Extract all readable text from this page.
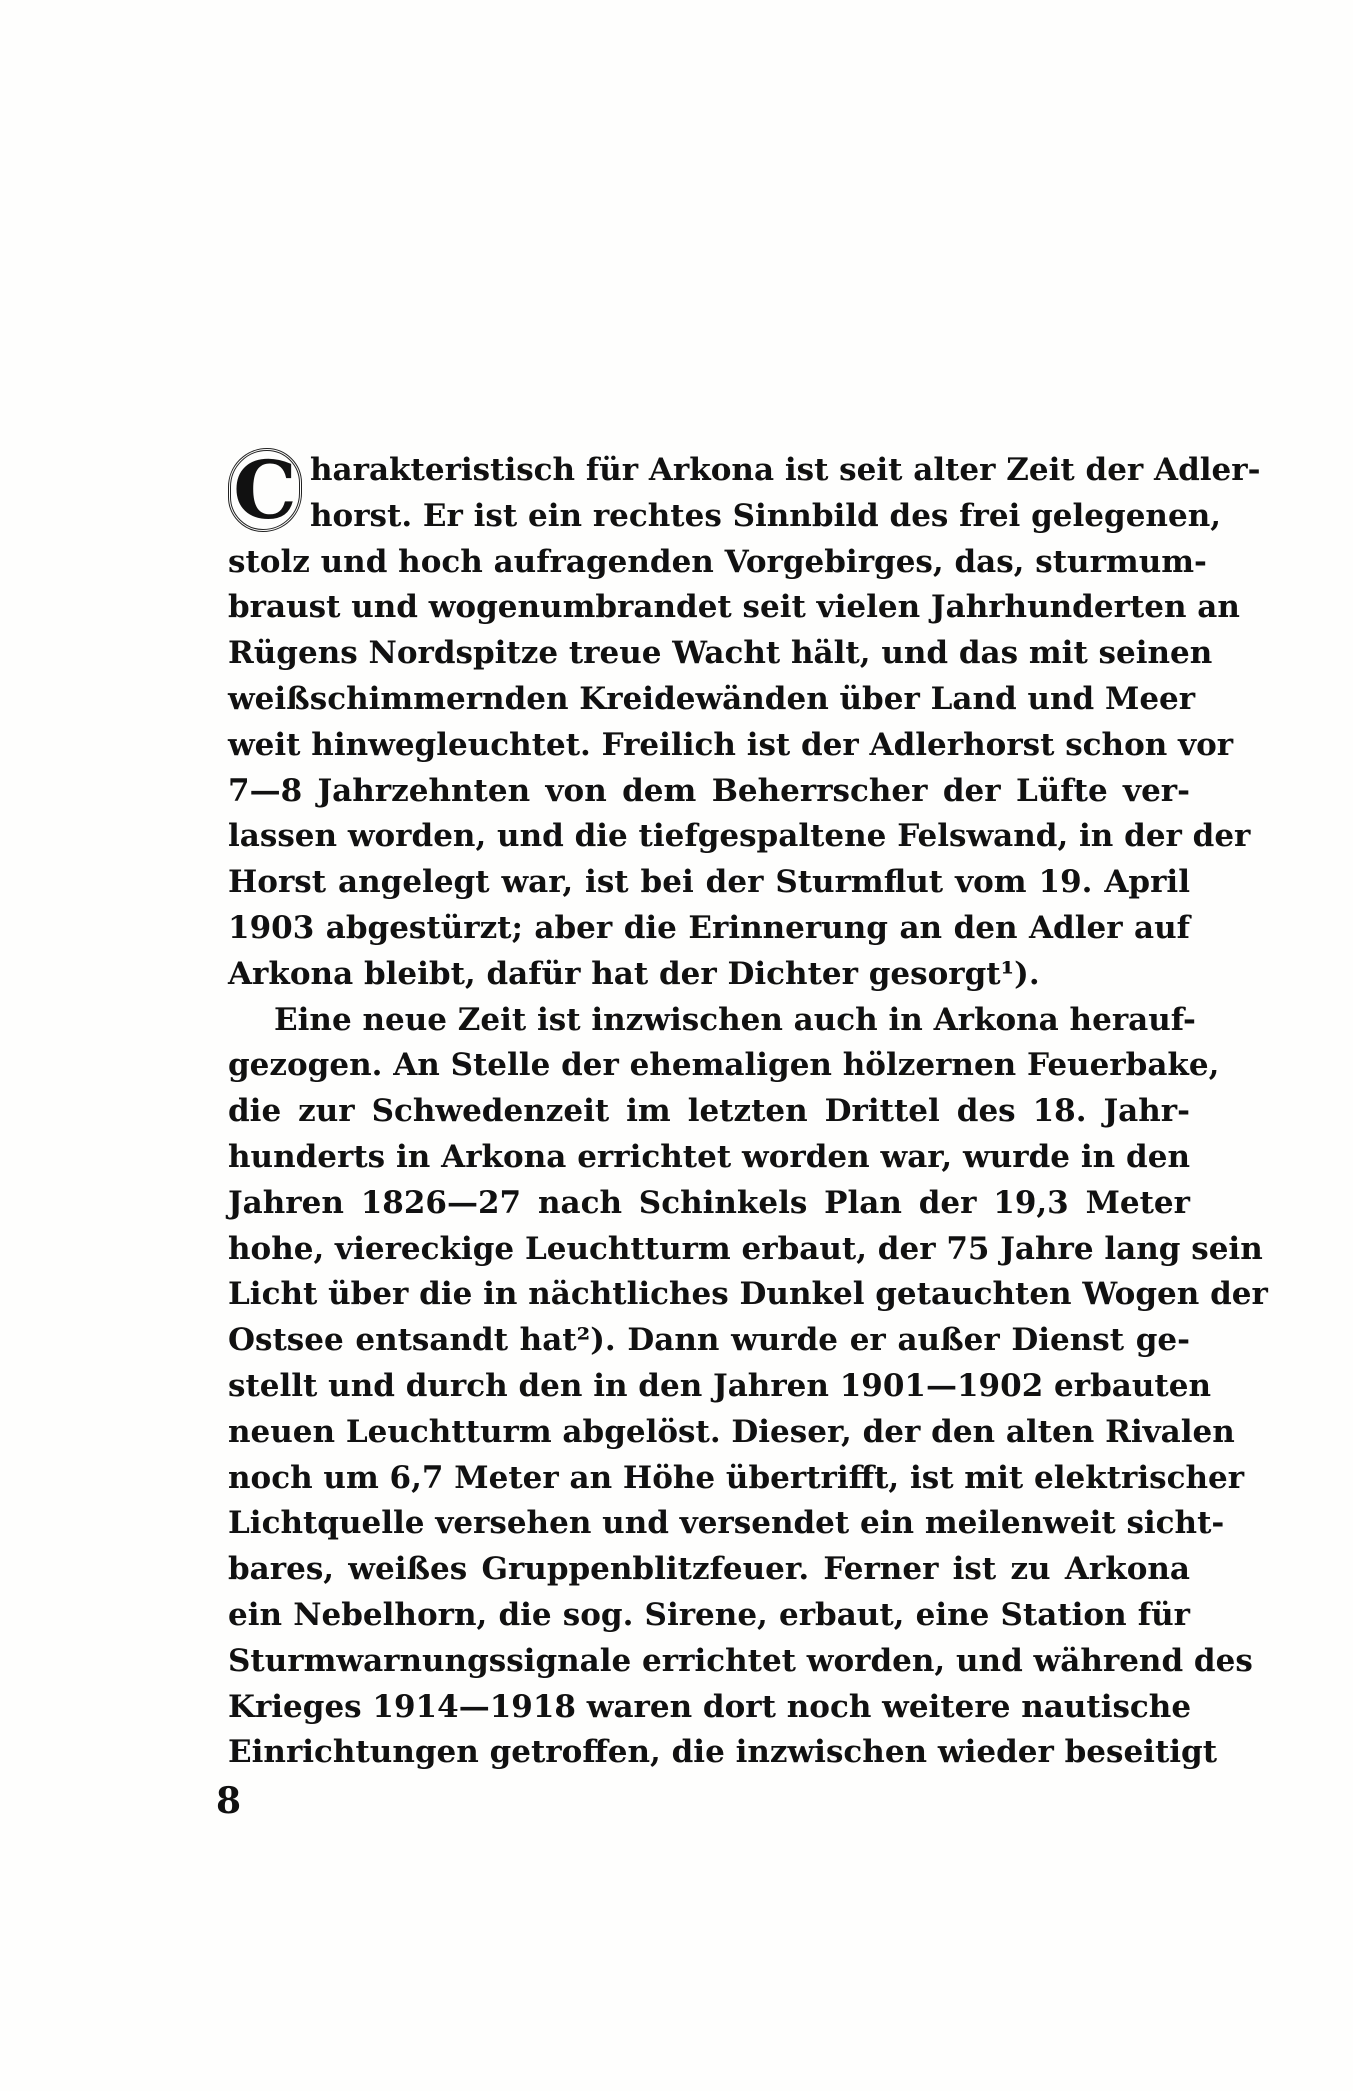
C harakteristisch für Arkona ist seit alter Zeit der Adler-
horst. Er ist ein rechtes Sinnbild des frei gelegenen,
stolz und hoch aufragenden Vorgebirges, das, sturmum-
braust und wogenumbrandet seit vielen Jahrhunderten an
Rügens Nordspitze treue Wacht hält, und das mit seinen
weißschimmernden Kreidewänden über Land und Meer
weit hinwegleuchtet. Freilich ist der Adlerhorst schon vor
7—8 Jahrzehnten von dem Beherrscher der Lüfte ver-
lassen worden, und die tiefgespaltene Felswand, in der der
Horst angelegt war, ist bei der Sturmflut vom 19. April
1903 abgestürzt; aber die Erinnerung an den Adler auf
Arkona bleibt, dafür hat der Dichter gesorgt¹).
Eine neue Zeit ist inzwischen auch in Arkona herauf-
gezogen. An Stelle der ehemaligen hölzernen Feuerbake,
die zur Schwedenzeit im letzten Drittel des 18. Jahr-
hunderts in Arkona errichtet worden war, wurde in den
Jahren 1826—27 nach Schinkels Plan der 19,3 Meter
hohe, viereckige Leuchtturm erbaut, der 75 Jahre lang sein
Licht über die in nächtliches Dunkel getauchten Wogen der
Ostsee entsandt hat²). Dann wurde er außer Dienst ge-
stellt und durch den in den Jahren 1901—1902 erbauten
neuen Leuchtturm abgelöst. Dieser, der den alten Rivalen
noch um 6,7 Meter an Höhe übertrifft, ist mit elektrischer
Lichtquelle versehen und versendet ein meilenweit sicht-
bares, weißes Gruppenblitzfeuer. Ferner ist zu Arkona
ein Nebelhorn, die sog. Sirene, erbaut, eine Station für
Sturmwarnungssignale errichtet worden, und während des
Krieges 1914—1918 waren dort noch weitere nautische
Einrichtungen getroffen, die inzwischen wieder beseitigt
8
